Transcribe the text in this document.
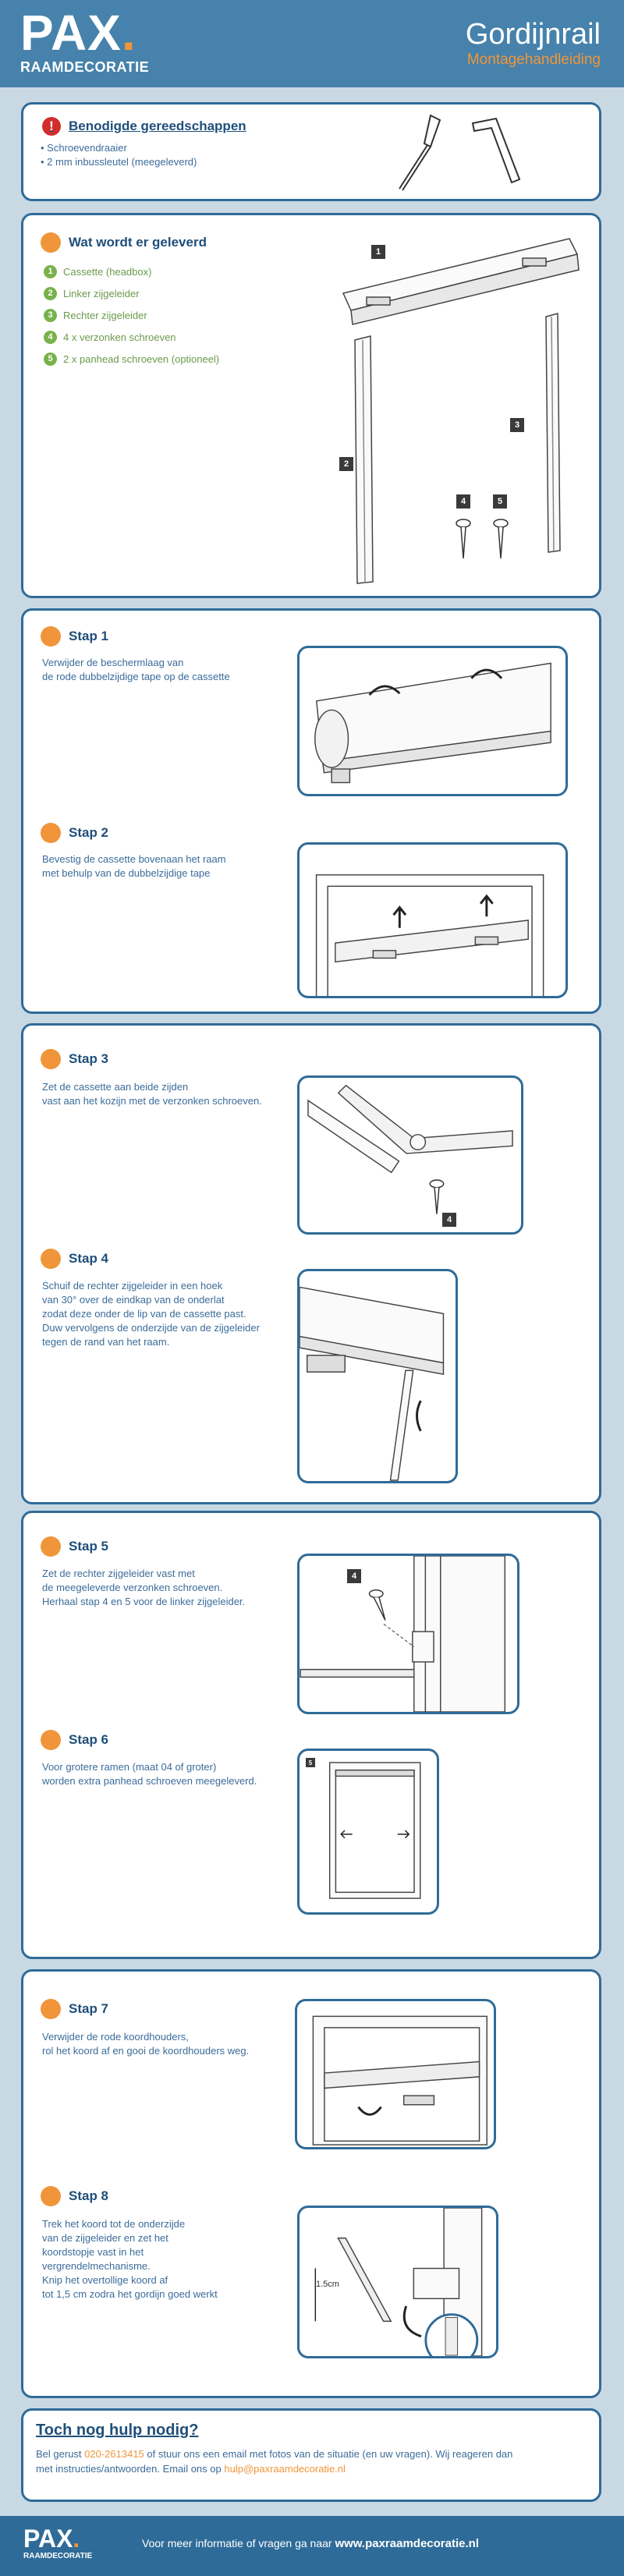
PAX.
RAAMDECORATIE
Gordijnrail
Montagehandleiding
!	Benodigde gereedschappen
• Schroevendraaier
• 2 mm inbussleutel (meegeleverd)
Wat wordt er geleverd
1	Cassette (headbox)
2	Linker zijgeleider
3	Rechter zijgeleider
4	4 x verzonken schroeven
5	2 x panhead schroeven (optioneel)
1
2
3
4	5
Stap 1
Verwijder de beschermlaag van
de rode dubbelzijdige tape op de cassette
Stap 2
Bevestig de cassette bovenaan het raam
met behulp van de dubbelzijdige tape
Stap 3
Zet de cassette aan beide zijden
vast aan het kozijn met de verzonken schroeven.
4
Stap 4
Schuif de rechter zijgeleider in een hoek
van 30° over de eindkap van de onderlat
zodat deze onder de lip van de cassette past.
Duw vervolgens de onderzijde van de zijgeleider
tegen de rand van het raam.
Stap 5
Zet de rechter zijgeleider vast met
de meegeleverde verzonken schroeven.
Herhaal stap 4 en 5 voor de linker zijgeleider.
4
Stap 6
Voor grotere ramen (maat 04 of groter)
worden extra panhead schroeven meegeleverd.
5
Stap 7
Verwijder de rode koordhouders,
rol het koord af en gooi de koordhouders weg.
Stap 8
Trek het koord tot de onderzijde
van de zijgeleider en zet het
koordstopje vast in het
vergrendelmechanisme.
Knip het overtollige koord af
tot 1,5 cm zodra het gordijn goed werkt
1.5cm
Toch nog hulp nodig?
Bel gerust 020-2613415 of stuur ons een email met fotos van de situatie (en uw vragen). Wij reageren dan
met instructies/antwoorden. Email ons op hulp@paxraamdecoratie.nl
PAX.
RAAMDECORATIE
Voor meer informatie of vragen ga naar www.paxraamdecoratie.nl
